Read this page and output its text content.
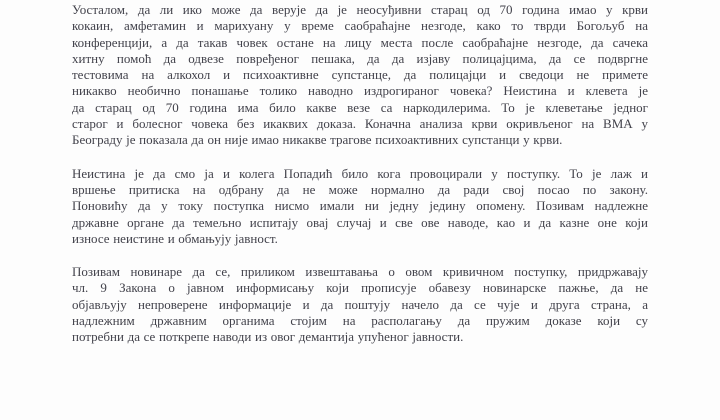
Уосталом, да ли ико може да верује да је неосуђивни старац од 70 година имао у крви
кокаин, амфетамин и марихуану у време саобраћајне незгоде, како то тврди Богољуб на
конференцији, а да такав човек остане на лицу места после саобраћајне незгоде, да сачека
хитну помоћ да одвезе повређеног пешака, да да изјаву полицајцима, да се подвргне
тестовима на алкохол и психоактивне супстанце, да полицајци и сведоци не примете
никакво необично понашање толико наводно издрогираног човека? Неистина и клевета је
да старац од 70 година има било какве везе са наркодилерима. То је клеветање једног
старог и болесног човека без икаквих доказа. Коначна анализа крви окривљеног на ВМА у
Београду је показала да он није имао никакве трагове психоактивних супстанци у крви.
Неистина је да смо ја и колега Попадић било кога провоцирали у поступку. То је лаж и
вршење притиска на одбрану да не може нормално да ради свој посао по закону.
Поновићу да у току поступка нисмо имали ни једну једину опомену. Позивам надлежне
државне органе да темељно испитају овај случај и све ове наводе, као и да казне оне који
износе неистине и обмањују јавност.
Позивам новинаре да се, приликом извештавања о овом кривичном поступку, придржавају
чл. 9 Закона о јавном информисању који прописује обавезу новинарске пажње, да не
објављују непроверене информације и да поштују начело да се чује и друга страна, а
надлежним државним органима стојим на располагању да пружим доказе који су
потребни да се поткрепе наводи из овог демантија упућеног јавности.
